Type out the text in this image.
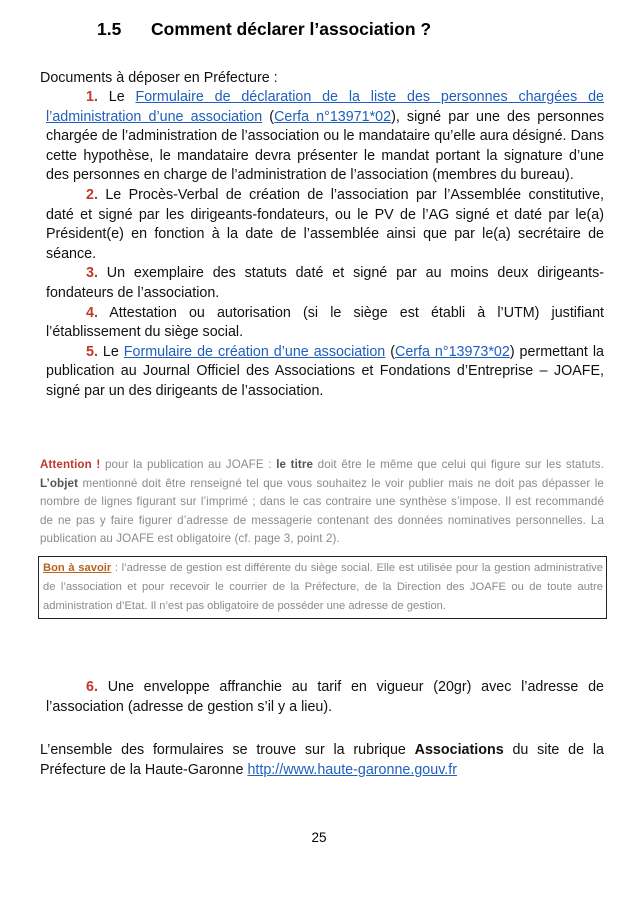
1.5 Comment déclarer l’association ?
Documents à déposer en Préfecture :

1. Le Formulaire de déclaration de la liste des personnes chargées de l’administration d’une association (Cerfa n°13971*02), signé par une des personnes chargée de l’administration de l’association ou le mandataire qu’elle aura désigné. Dans cette hypothèse, le mandataire devra présenter le mandat portant la signature d’une des personnes en charge de l’administration de l’association (membres du bureau).

2. Le Procès-Verbal de création de l’association par l’Assemblée constitutive, daté et signé par les dirigeants-fondateurs, ou le PV de l’AG signé et daté par le(a) Président(e) en fonction à la date de l’assemblée ainsi que par le(a) secrétaire de séance.

3. Un exemplaire des statuts daté et signé par au moins deux dirigeants-fondateurs de l’association.

4. Attestation ou autorisation (si le siège est établi à l’UTM) justifiant l’établissement du siège social.

5. Le Formulaire de création d’une association (Cerfa n°13973*02) permettant la publication au Journal Officiel des Associations et Fondations d’Entreprise – JOAFE, signé par un des dirigeants de l’association.

Attention ! pour la publication au JOAFE : le titre doit être le même que celui qui figure sur les statuts. L’objet mentionné doit être renseigné tel que vous souhaitez le voir publier mais ne doit pas dépasser le nombre de lignes figurant sur l’imprimé ; dans le cas contraire une synthèse s’impose. Il est recommandé de ne pas y faire figurer d’adresse de messagerie contenant des données nominatives personnelles. La publication au JOAFE est obligatoire (cf. page 3, point 2).
Bon à savoir : l’adresse de gestion est différente du siège social. Elle est utilisée pour la gestion administrative de l’association et pour recevoir le courrier de la Préfecture, de la Direction des JOAFE ou de toute autre administration d’Etat. Il n’est pas obligatoire de posséder une adresse de gestion.

6. Une enveloppe affranchie au tarif en vigueur (20gr) avec l’adresse de l’association (adresse de gestion s’il y a lieu).

L’ensemble des formulaires se trouve sur la rubrique Associations du site de la Préfecture de la Haute-Garonne http://www.haute-garonne.gouv.fr
25
